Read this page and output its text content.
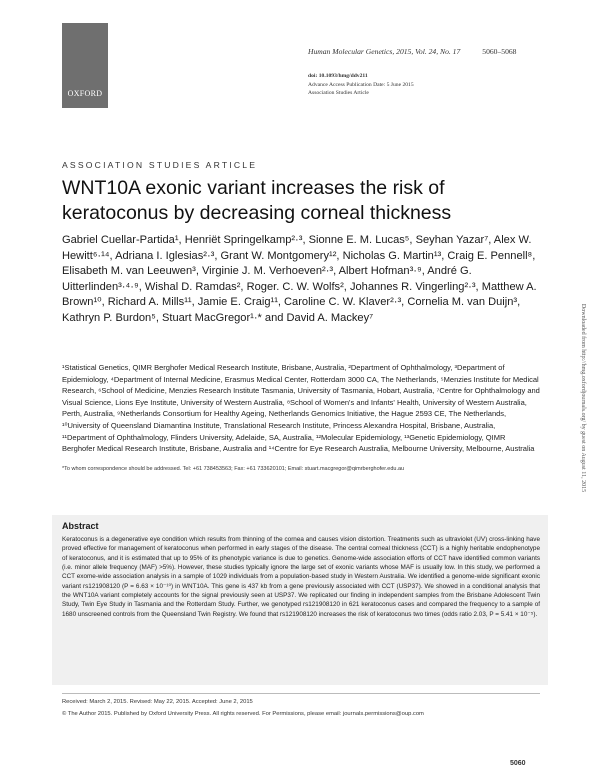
OXFORD
Human Molecular Genetics, 2015, Vol. 24, No. 17	5060–5068
doi: 10.1093/hmg/ddv211
Advance Access Publication Date: 5 June 2015
Association Studies Article
ASSOCIATION STUDIES ARTICLE
WNT10A exonic variant increases the risk of keratoconus by decreasing corneal thickness
Gabriel Cuellar-Partida¹, Henriët Springelkamp²·³, Sionne E. M. Lucas⁵, Seyhan Yazar⁷, Alex W. Hewitt⁶·¹⁴, Adriana I. Iglesias²·³, Grant W. Montgomery¹², Nicholas G. Martin¹³, Craig E. Pennell⁸, Elisabeth M. van Leeuwen³, Virginie J. M. Verhoeven²·³, Albert Hofman³·⁹, André G. Uitterlinden³·⁴·⁹, Wishal D. Ramdas², Roger. C. W. Wolfs², Johannes R. Vingerling²·³, Matthew A. Brown¹⁰, Richard A. Mills¹¹, Jamie E. Craig¹¹, Caroline C. W. Klaver²·³, Cornelia M. van Duijn³, Kathryn P. Burdon⁵, Stuart MacGregor¹·* and David A. Mackey⁷
¹Statistical Genetics, QIMR Berghofer Medical Research Institute, Brisbane, Australia, ²Department of Ophthalmology, ³Department of Epidemiology, ⁴Department of Internal Medicine, Erasmus Medical Center, Rotterdam 3000 CA, The Netherlands, ⁵Menzies Institute for Medical Research, ⁶School of Medicine, Menzies Research Institute Tasmania, University of Tasmania, Hobart, Australia, ⁷Centre for Ophthalmology and Visual Science, Lions Eye Institute, University of Western Australia, ⁸School of Women's and Infants' Health, University of Western Australia, Perth, Australia, ⁹Netherlands Consortium for Healthy Ageing, Netherlands Genomics Initiative, the Hague 2593 CE, The Netherlands, ¹⁰University of Queensland Diamantina Institute, Translational Research Institute, Princess Alexandra Hospital, Brisbane, Australia, ¹¹Department of Ophthalmology, Flinders University, Adelaide, SA, Australia, ¹²Molecular Epidemiology, ¹³Genetic Epidemiology, QIMR Berghofer Medical Research Institute, Brisbane, Australia and ¹⁴Centre for Eye Research Australia, Melbourne University, Melbourne, Australia
*To whom correspondence should be addressed. Tel: +61 738453563; Fax: +61 733620101; Email: stuart.macgregor@qimrberghofer.edu.au
Abstract
Keratoconus is a degenerative eye condition which results from thinning of the cornea and causes vision distortion. Treatments such as ultraviolet (UV) cross-linking have proved effective for management of keratoconus when performed in early stages of the disease. The central corneal thickness (CCT) is a highly heritable endophenotype of keratoconus, and it is estimated that up to 95% of its phenotypic variance is due to genetics. Genome-wide association efforts of CCT have identified common variants (i.e. minor allele frequency (MAF) >5%). However, these studies typically ignore the large set of exonic variants whose MAF is usually low. In this study, we performed a CCT exome-wide association analysis in a sample of 1029 individuals from a population-based study in Western Australia. We identified a genome-wide significant exonic variant rs121908120 (P = 6.63 × 10⁻¹⁰) in WNT10A. This gene is 437 kb from a gene previously associated with CCT (USP37). We showed in a conditional analysis that the WNT10A variant completely accounts for the signal previously seen at USP37. We replicated our finding in independent samples from the Brisbane Adolescent Twin Study, Twin Eye Study in Tasmania and the Rotterdam Study. Further, we genotyped rs121908120 in 621 keratoconus cases and compared the frequency to a sample of 1680 unscreened controls from the Queensland Twin Registry. We found that rs121908120 increases the risk of keratoconus two times (odds ratio 2.03, P = 5.41 × 10⁻⁵).
Received: March 2, 2015. Revised: May 22, 2015. Accepted: June 2, 2015
© The Author 2015. Published by Oxford University Press. All rights reserved. For Permissions, please email: journals.permissions@oup.com
5060
Downloaded from http://hmg.oxfordjournals.org/ by guest on August 11, 2015
